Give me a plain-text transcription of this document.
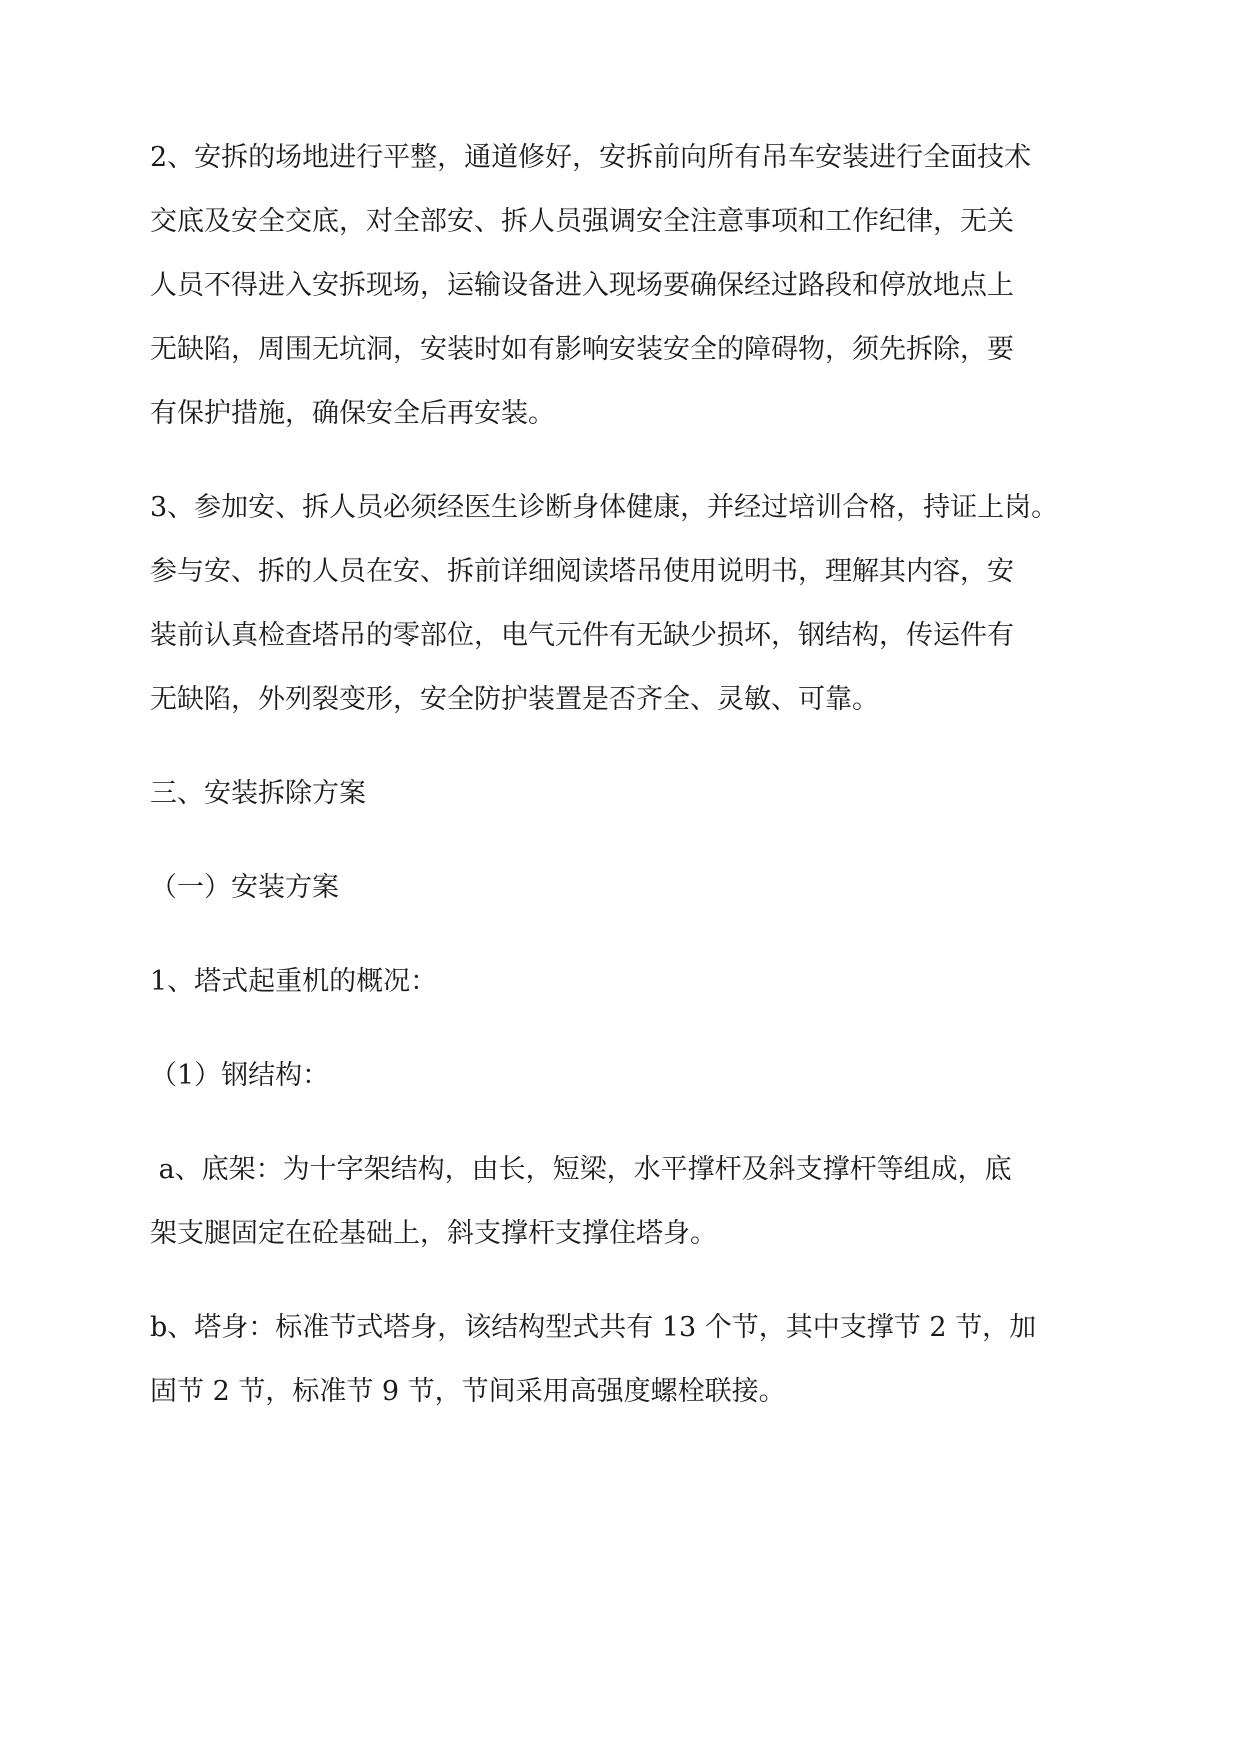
2、安拆的场地进行平整，通道修好，安拆前向所有吊车安装进行全面技术
交底及安全交底，对全部安、拆人员强调安全注意事项和工作纪律，无关
人员不得进入安拆现场，运输设备进入现场要确保经过路段和停放地点上
无缺陷，周围无坑洞，安装时如有影响安装安全的障碍物，须先拆除，要
有保护措施，确保安全后再安装。
3、参加安、拆人员必须经医生诊断身体健康，并经过培训合格，持证上岗。
参与安、拆的人员在安、拆前详细阅读塔吊使用说明书，理解其内容，安
装前认真检查塔吊的零部位，电气元件有无缺少损坏，钢结构，传运件有
无缺陷，外列裂变形，安全防护装置是否齐全、灵敏、可靠。
三、安装拆除方案
（一）安装方案
1、塔式起重机的概况：
（1）钢结构：
a、底架：为十字架结构，由长，短梁，水平撑杆及斜支撑杆等组成，底
架支腿固定在砼基础上，斜支撑杆支撑住塔身。
b、塔身：标准节式塔身，该结构型式共有 13 个节，其中支撑节 2 节，加
固节 2 节，标准节 9 节，节间采用高强度螺栓联接。
